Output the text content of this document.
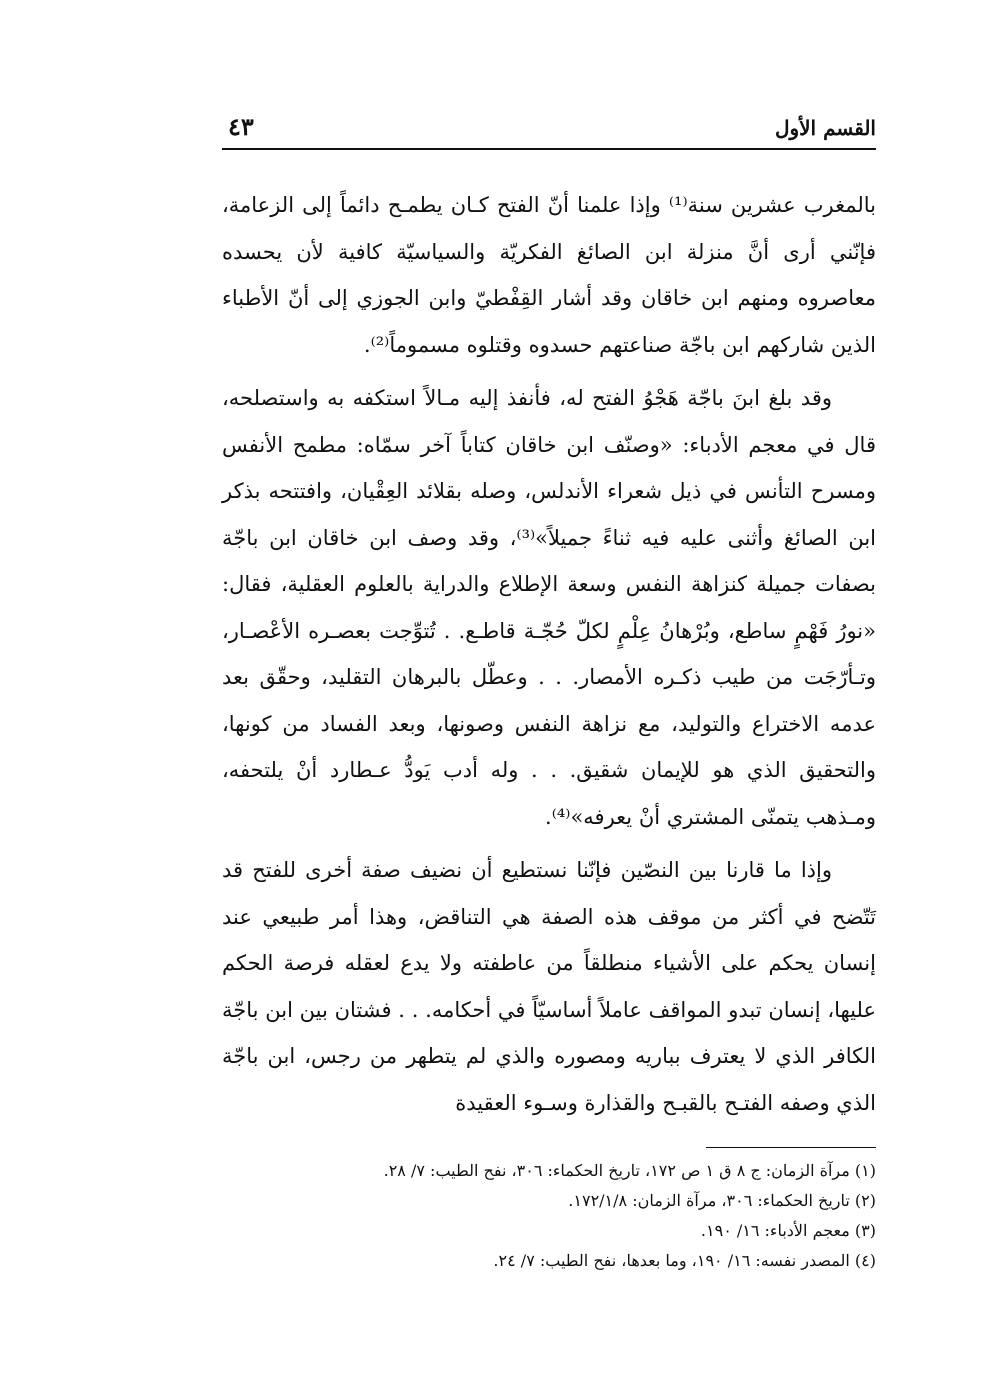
القسم الأول
٤٣

بالمغرب عشرين سنة⁽¹⁾ وإذا علمنا أنّ الفتح كـان يطمـح دائماً إلى الزعامة، فإنّني أرى أنَّ منزلة ابن الصائغ الفكريّة والسياسيّة كافية لأن يحسده معاصروه ومنهم ابن خاقان وقد أشار القِفْطيّ وابن الجوزي إلى أنّ الأطباء الذين شاركهم ابن باجّة صناعتهم حسدوه وقتلوه مسموماً⁽²⁾.

وقد بلغ ابنَ باجّة هَجْوُ الفتح له، فأنفذ إليه مـالاً استكفه به واستصلحه، قال في معجم الأدباء: «وصنّف ابن خاقان كتاباً آخر سمّاه: مطمح الأنفس ومسرح التأنس في ذيل شعراء الأندلس، وصله بقلائد العِقْيان، وافتتحه بذكر ابن الصائغ وأثنى عليه فيه ثناءً جميلاً»⁽³⁾، وقد وصف ابن خاقان ابن باجّة بصفات جميلة كنزاهة النفس وسعة الإطلاع والدراية بالعلوم العقلية، فقال: «نورُ فَهْمٍ ساطع، وبُرْهانُ عِلْمٍ لكلّ حُجّـة قاطـع. . تُتوِّجت بعصـره الأعْصـار، وتـأرّجَت من طيب ذكـره الأمصار. . . وعطّل بالبرهان التقليد، وحقّق بعد عدمه الاختراع والتوليد، مع نزاهة النفس وصونها، وبعد الفساد من كونها، والتحقيق الذي هو للإيمان شقيق. . . وله أدب يَودُّ عـطارد أنْ يلتحفه، ومـذهب يتمنّى المشتري أنْ يعرفه»⁽⁴⁾.

وإذا ما قارنا بين النصّين فإنّنا نستطيع أن نضيف صفة أخرى للفتح قد تَتّضح في أكثر من موقف هذه الصفة هي التناقض، وهذا أمر طبيعي عند إنسان يحكم على الأشياء منطلقاً من عاطفته ولا يدع لعقله فرصة الحكم عليها، إنسان تبدو المواقف عاملاً أساسيّاً في أحكامه. . . فشتان بين ابن باجّة الكافر الذي لا يعترف بباريه ومصوره والذي لم يتطهر من رجس، ابن باجّة الذي وصفه الفتـح بالقبـح والقذارة وسـوء العقيدة

(١) مرآة الزمان: ج ٨ ق ١ ص ١٧٢، تاريخ الحكماء: ٣٠٦، نفح الطيب: ٧/ ٢٨.
(٢) تاريخ الحكماء: ٣٠٦، مرآة الزمان: ١٧٢/١/٨.
(٣) معجم الأدباء: ١٦/ ١٩٠.
(٤) المصدر نفسه: ١٦/ ١٩٠، وما بعدها، نفح الطيب: ٧/ ٢٤.
